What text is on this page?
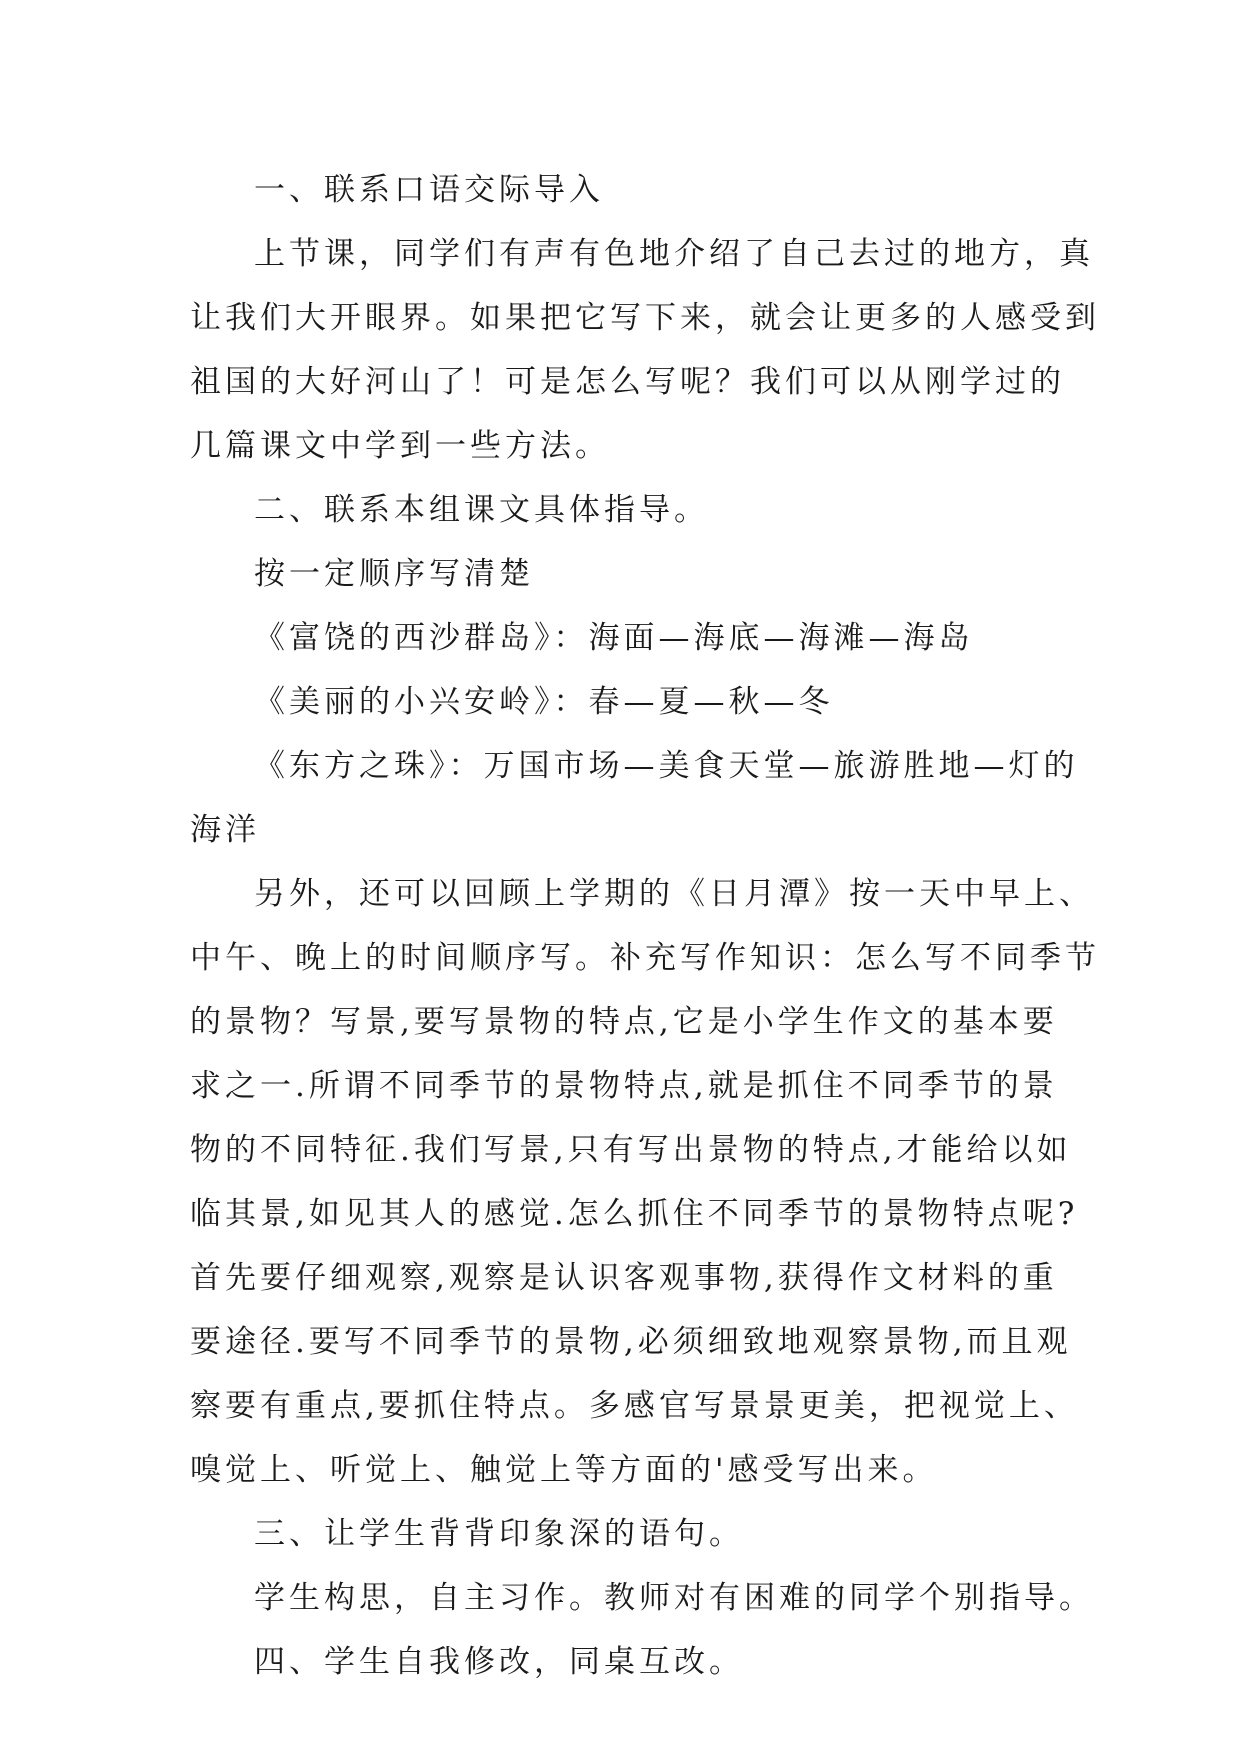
一、联系口语交际导入

上节课，同学们有声有色地介绍了自己去过的地方，真
让我们大开眼界。如果把它写下来，就会让更多的人感受到
祖国的大好河山了！可是怎么写呢？我们可以从刚学过的
几篇课文中学到一些方法。

二、联系本组课文具体指导。

按一定顺序写清楚

《富饶的西沙群岛》：海面—海底—海滩—海岛

《美丽的小兴安岭》：春—夏—秋—冬

《东方之珠》：万国市场—美食天堂—旅游胜地—灯的
海洋

另外，还可以回顾上学期的《日月潭》按一天中早上、
中午、晚上的时间顺序写。补充写作知识：怎么写不同季节
的景物？写景,要写景物的特点,它是小学生作文的基本要
求之一.所谓不同季节的景物特点,就是抓住不同季节的景
物的不同特征.我们写景,只有写出景物的特点,才能给以如
临其景,如见其人的感觉.怎么抓住不同季节的景物特点呢?
首先要仔细观察,观察是认识客观事物,获得作文材料的重
要途径.要写不同季节的景物,必须细致地观察景物,而且观
察要有重点,要抓住特点。多感官写景景更美，把视觉上、
嗅觉上、听觉上、触觉上等方面的'感受写出来。

三、让学生背背印象深的语句。

学生构思，自主习作。教师对有困难的同学个别指导。

四、学生自我修改，同桌互改。
